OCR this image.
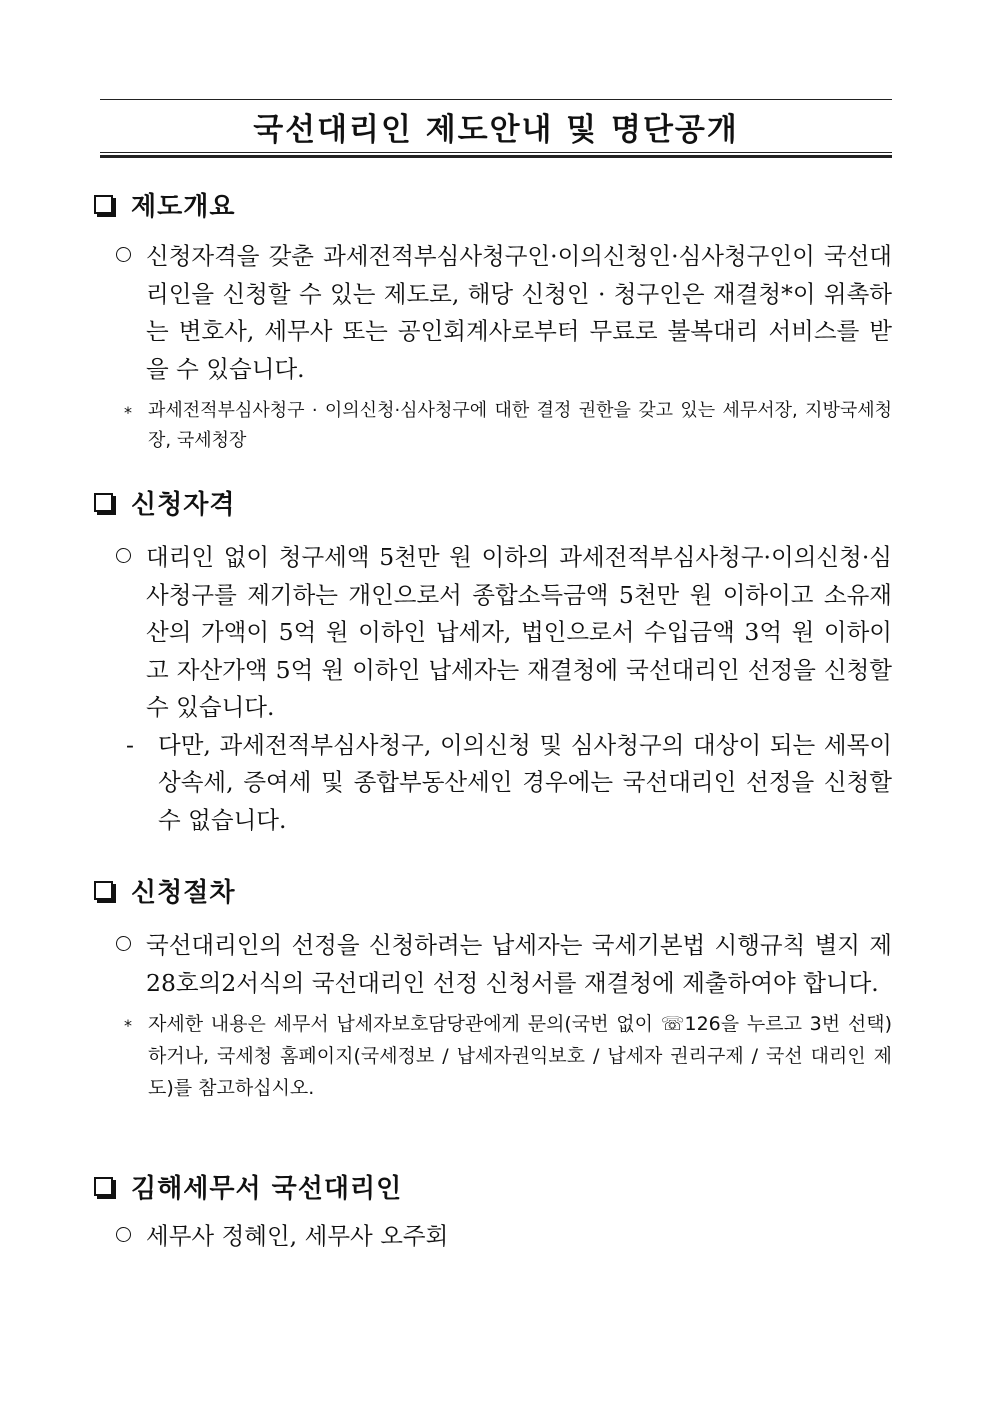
국선대리인 제도안내 및 명단공개
제도개요

신청자격을 갖춘 과세전적부심사청구인·이의신청인·심사청구인이 국선대리인을 신청할 수 있는 제도로, 해당 신청인 · 청구인은 재결청*이 위촉하는 변호사, 세무사 또는 공인회계사로부터 무료로 불복대리 서비스를 받을 수 있습니다.

* 과세전적부심사청구 · 이의신청·심사청구에 대한 결정 권한을 갖고 있는 세무서장, 지방국세청장, 국세청장

신청자격

대리인 없이 청구세액 5천만 원 이하의 과세전적부심사청구·이의신청·심사청구를 제기하는 개인으로서 종합소득금액 5천만 원 이하이고 소유재산의 가액이 5억 원 이하인 납세자, 법인으로서 수입금액 3억 원 이하이고 자산가액 5억 원 이하인 납세자는 재결청에 국선대리인 선정을 신청할 수 있습니다.

-	다만, 과세전적부심사청구, 이의신청 및 심사청구의 대상이 되는 세목이 상속세, 증여세 및 종합부동산세인 경우에는 국선대리인 선정을 신청할 수 없습니다.

신청절차

국선대리인의 선정을 신청하려는 납세자는 국세기본법 시행규칙 별지 제28호의2서식의 국선대리인 선정 신청서를 재결청에 제출하여야 합니다.

* 자세한 내용은 세무서 납세자보호담당관에게 문의(국번 없이 ☏126을 누르고 3번 선택)하거나, 국세청 홈페이지(국세정보 / 납세자권익보호 / 납세자 권리구제 / 국선 대리인 제도)를 참고하십시오.

김해세무서 국선대리인

세무사 정혜인, 세무사 오주회
